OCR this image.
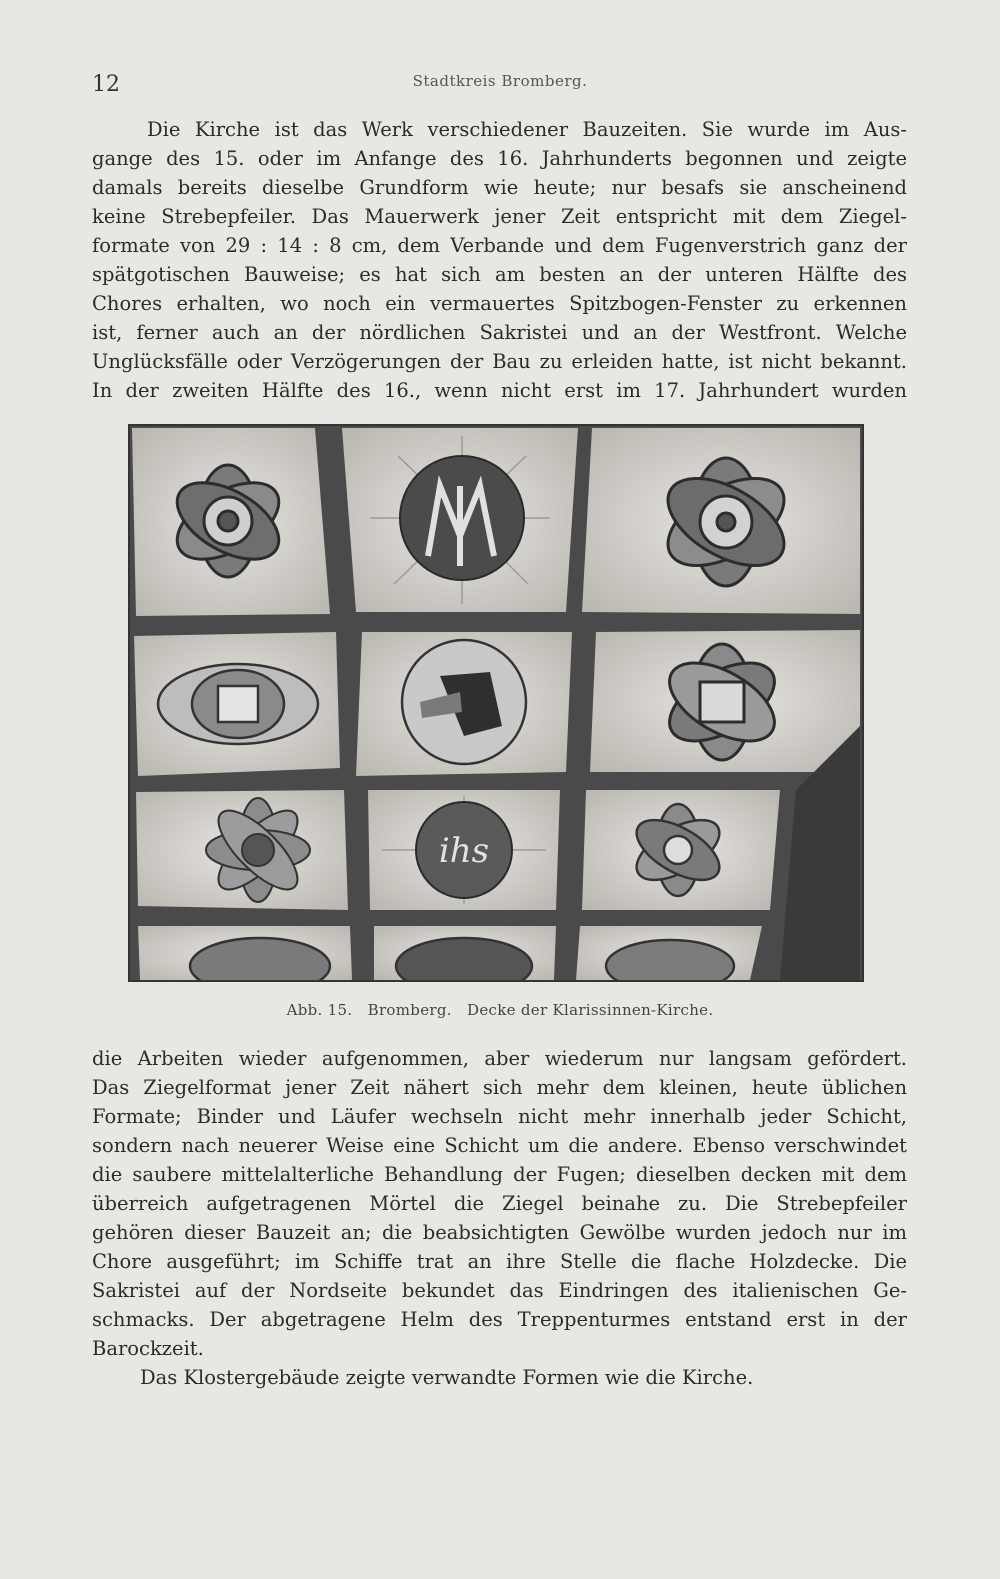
12	Stadtkreis Bromberg.
Die Kirche ist das Werk verschiedener Bauzeiten. Sie wurde im Aus-
gange des 15. oder im Anfange des 16. Jahrhunderts begonnen und zeigte
damals bereits dieselbe Grundform wie heute; nur besafs sie anscheinend
keine Strebepfeiler. Das Mauerwerk jener Zeit entspricht mit dem Ziegel-
formate von 29 : 14 : 8 cm, dem Verbande und dem Fugenverstrich ganz der
spätgotischen Bauweise; es hat sich am besten an der unteren Hälfte des
Chores erhalten, wo noch ein vermauertes Spitzbogen-Fenster zu erkennen
ist, ferner auch an der nördlichen Sakristei und an der Westfront. Welche
Unglücksfälle oder Verzögerungen der Bau zu erleiden hatte, ist nicht bekannt.
In der zweiten Hälfte des 16., wenn nicht erst im 17. Jahrhundert wurden
ihs
Abb. 15. Bromberg. Decke der Klarissinnen-Kirche.
die Arbeiten wieder aufgenommen, aber wiederum nur langsam gefördert.
Das Ziegelformat jener Zeit nähert sich mehr dem kleinen, heute üblichen
Formate; Binder und Läufer wechseln nicht mehr innerhalb jeder Schicht,
sondern nach neuerer Weise eine Schicht um die andere. Ebenso verschwindet
die saubere mittelalterliche Behandlung der Fugen; dieselben decken mit dem
überreich aufgetragenen Mörtel die Ziegel beinahe zu. Die Strebepfeiler
gehören dieser Bauzeit an; die beabsichtigten Gewölbe wurden jedoch nur im
Chore ausgeführt; im Schiffe trat an ihre Stelle die flache Holzdecke. Die
Sakristei auf der Nordseite bekundet das Eindringen des italienischen Ge-
schmacks. Der abgetragene Helm des Treppenturmes entstand erst in der
Barockzeit.
Das Klostergebäude zeigte verwandte Formen wie die Kirche.
